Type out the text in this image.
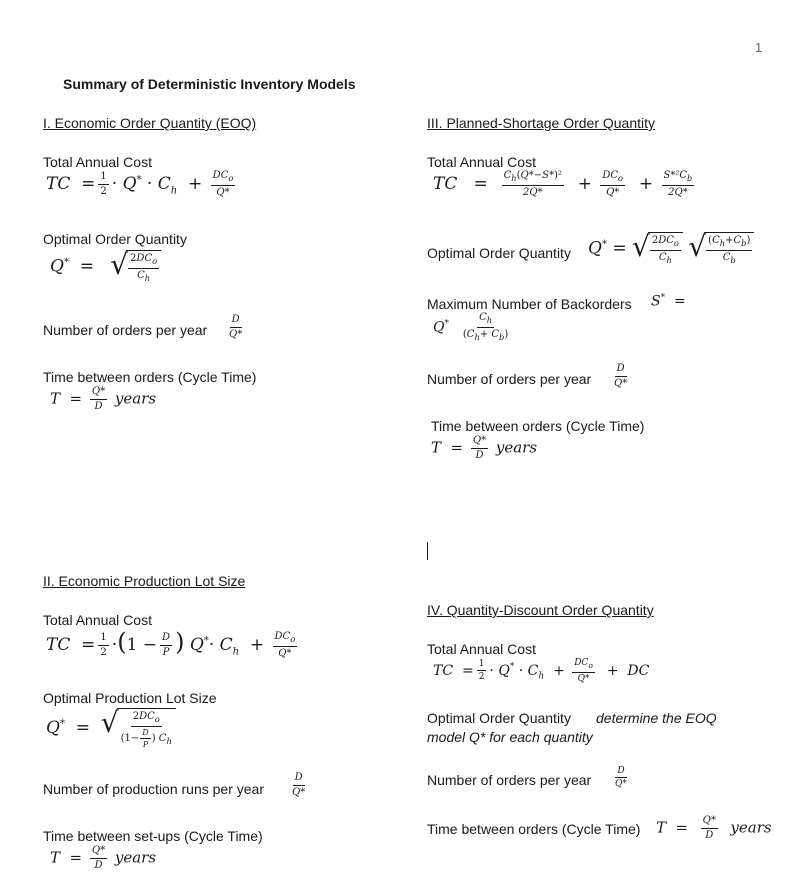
1
Summary of Deterministic Inventory Models
I. Economic Order Quantity (EOQ)
Total Annual Cost
TC  = $\frac{1}{2} \cdot Q^* \cdot C_h + \frac{DC_o}{Q*}$
Optimal Order Quantity
Q*  = √ $\frac{2DC_o}{C_h}$
Number of orders per year $\frac{D}{Q*}$
Time between orders (Cycle Time)
$T = \frac{Q*}{D}$ years
II. Economic Production Lot Size
Total Annual Cost
TC  = $\frac{1}{2} \cdot(1 - \frac{D}{P}$ ) $Q^*\cdot C_h + \frac{DC_o}{Q*}$
Optimal Production Lot Size
Q*  = √ $\frac{2DC_o}{(1- \frac{D}{P} ) C_h}$
Number of production runs per year	$\frac{D}{Q*}$
Time between set-ups (Cycle Time)
$T = \frac{Q*}{D}$ years
III. Planned-Shortage Order Quantity
Total Annual Cost
TC   = $\frac{C_h(Q*-S*)^2}{2Q*} + \frac{DC_o}{Q*} + \frac{S*^2C_b}{2Q*}$
Optimal Order Quantity Q* = √ $\frac{2DC_o}{C_h}$
√ $\frac{(C_h+C_b)}{C_b}$
Maximum Number of Backorders S*  =
$Q^* \frac{C_h}{(C_h+ C_b)}$
Number of orders per year $\frac{D}{Q*}$
Time between orders (Cycle Time)
$T = \frac{Q*}{D}$ years
IV. Quantity-Discount Order Quantity
Total Annual Cost
TC  = $\frac{1}{2} \cdot Q^* \cdot C_h + \frac{DC_o}{Q*}$ +  DC
Optimal Order Quantity determine the EOQ
model Q* for each quantity
Number of orders per year $\frac{D}{Q*}$
Time between orders (Cycle Time) $T = \frac{Q*}{D}$ years
